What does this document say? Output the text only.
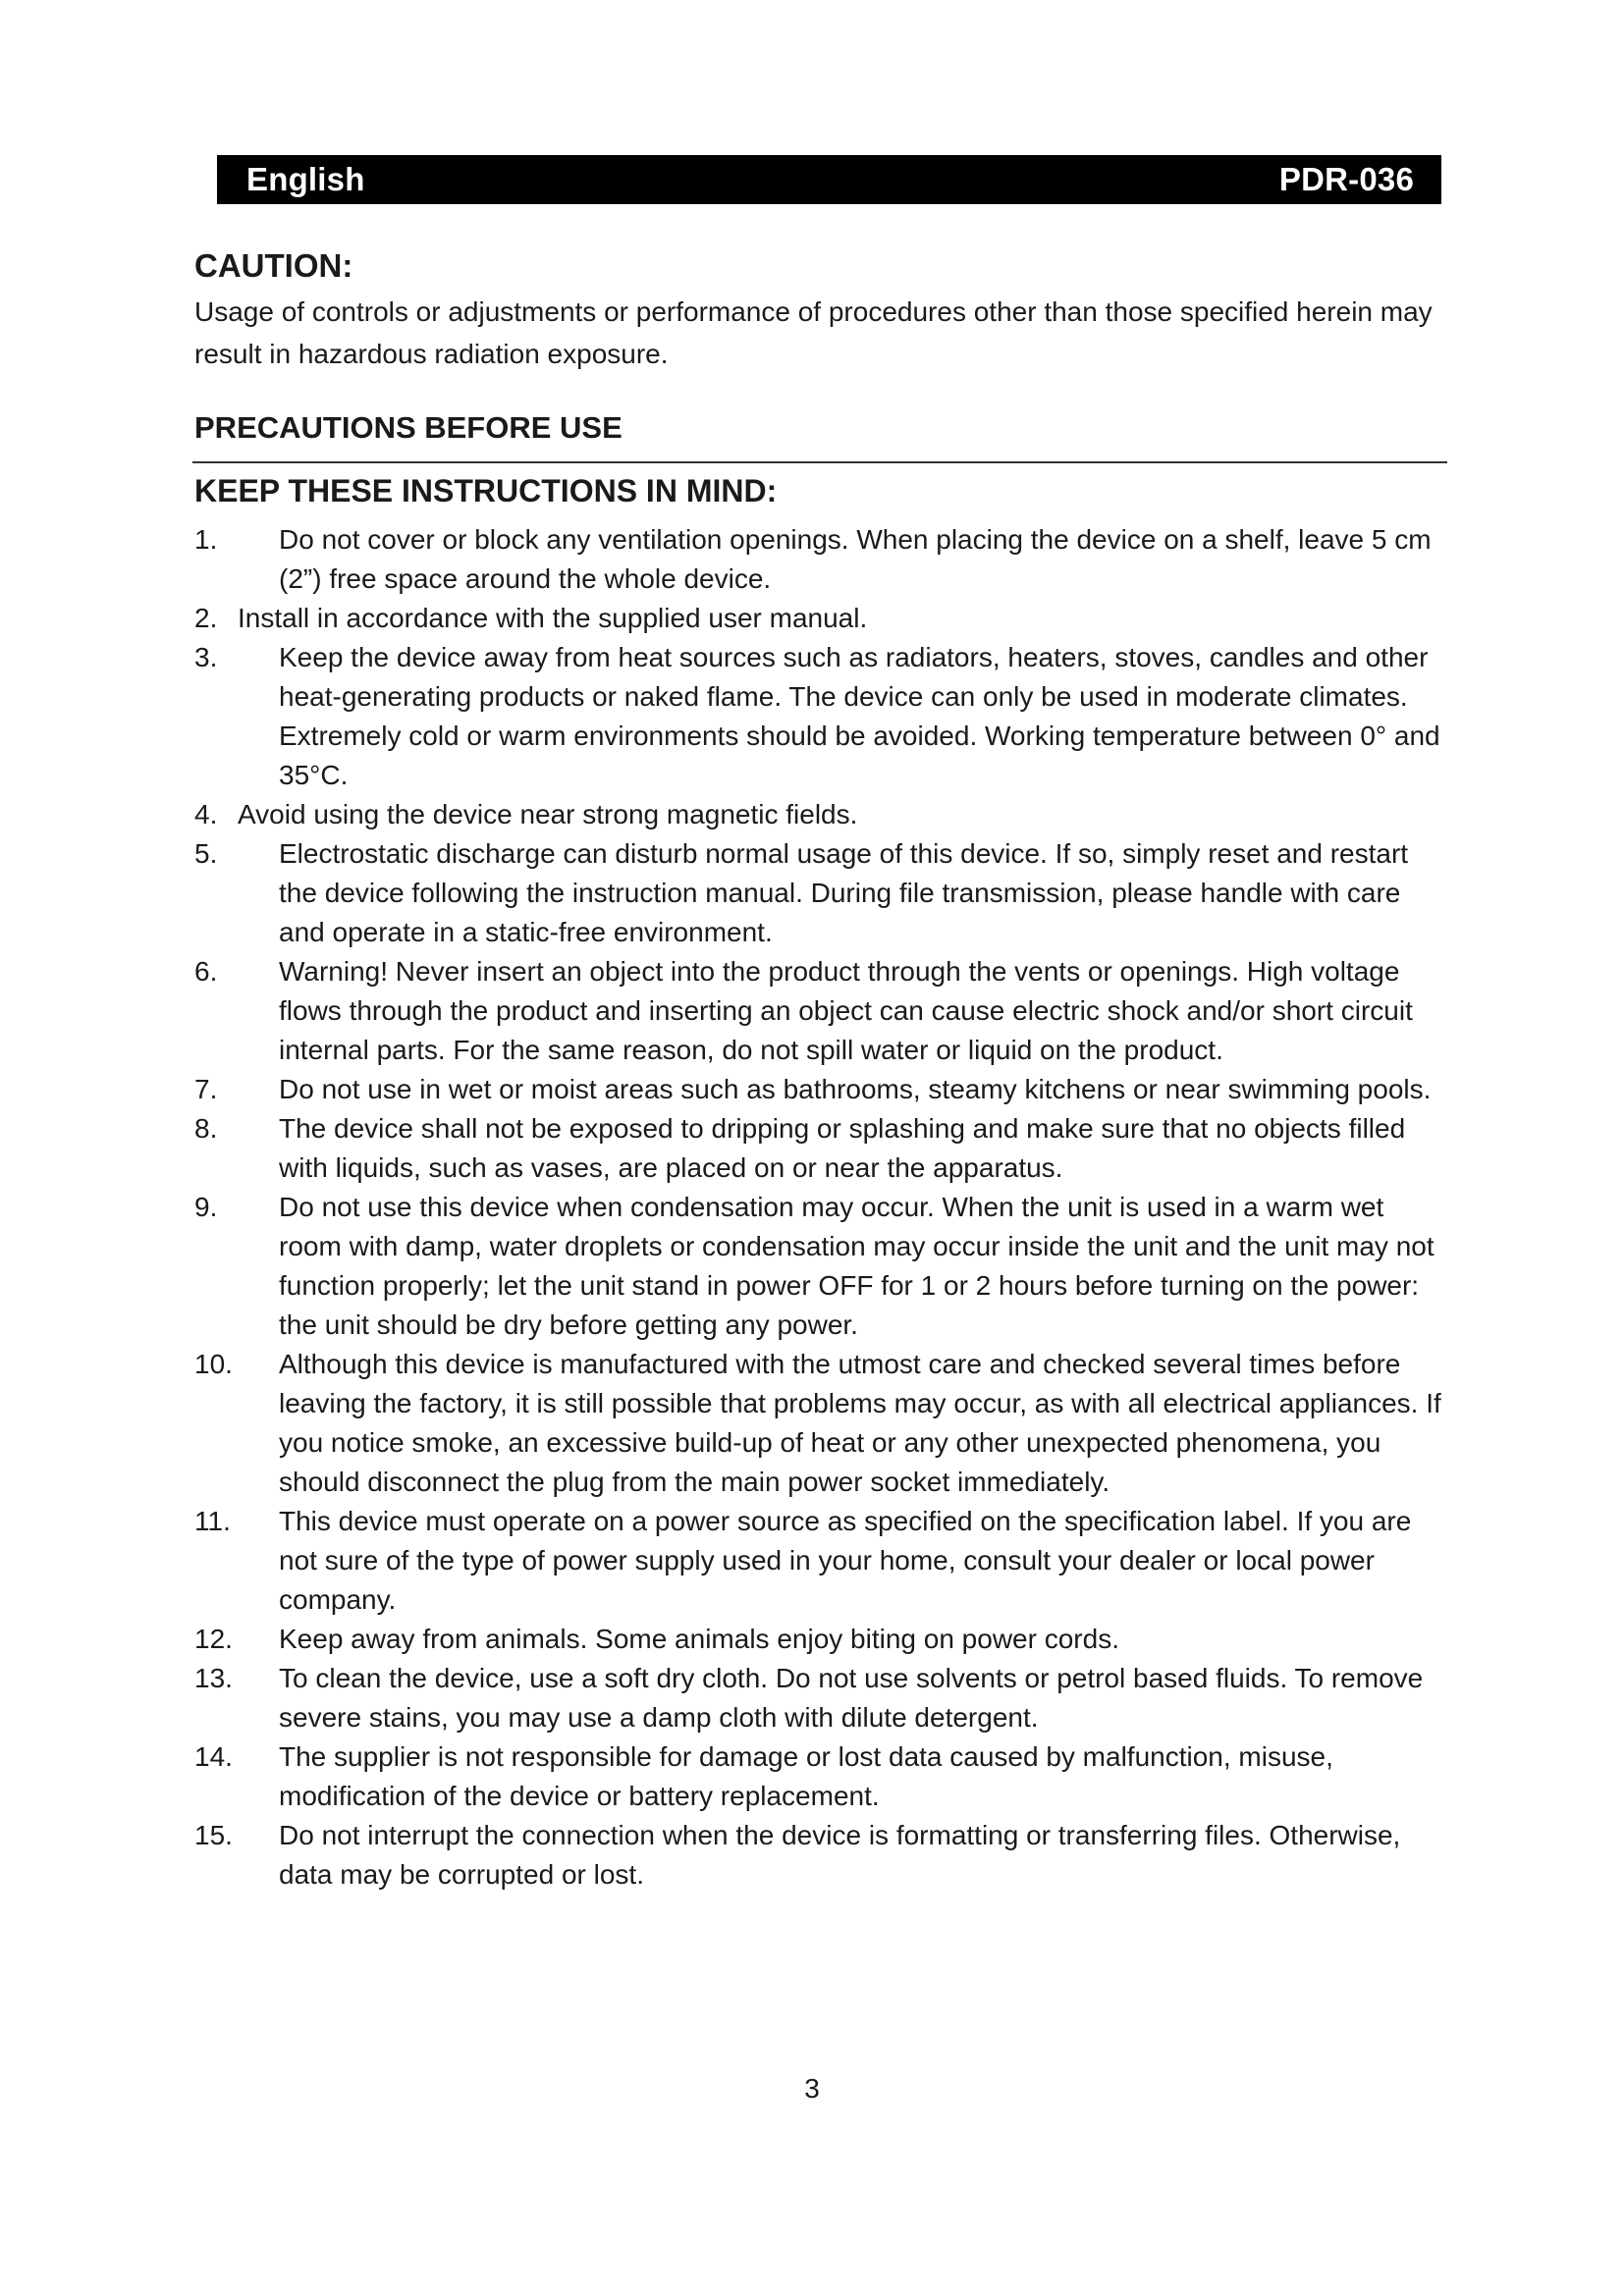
English	PDR-036
CAUTION:

Usage of controls or adjustments or performance of procedures other than those specified herein may result in hazardous radiation exposure.

PRECAUTIONS BEFORE USE
KEEP THESE INSTRUCTIONS IN MIND:
1. Do not cover or block any ventilation openings. When placing the device on a shelf, leave 5 cm (2”) free space around the whole device.
2. Install in accordance with the supplied user manual.
3. Keep the device away from heat sources such as radiators, heaters, stoves, candles and other heat-generating products or naked flame. The device can only be used in moderate climates. Extremely cold or warm environments should be avoided. Working temperature between 0° and 35°C.
4. Avoid using the device near strong magnetic fields.
5. Electrostatic discharge can disturb normal usage of this device. If so, simply reset and restart the device following the instruction manual. During file transmission, please handle with care and operate in a static-free environment.
6. Warning! Never insert an object into the product through the vents or openings. High voltage flows through the product and inserting an object can cause electric shock and/or short circuit internal parts. For the same reason, do not spill water or liquid on the product.
7. Do not use in wet or moist areas such as bathrooms, steamy kitchens or near swimming pools.
8. The device shall not be exposed to dripping or splashing and make sure that no objects filled with liquids, such as vases, are placed on or near the apparatus.
9. Do not use this device when condensation may occur. When the unit is used in a warm wet room with damp, water droplets or condensation may occur inside the unit and the unit may not function properly; let the unit stand in power OFF for 1 or 2 hours before turning on the power: the unit should be dry before getting any power.
10. Although this device is manufactured with the utmost care and checked several times before leaving the factory, it is still possible that problems may occur, as with all electrical appliances. If you notice smoke, an excessive build-up of heat or any other unexpected phenomena, you should disconnect the plug from the main power socket immediately.
11. This device must operate on a power source as specified on the specification label. If you are not sure of the type of power supply used in your home, consult your dealer or local power company.
12. Keep away from animals. Some animals enjoy biting on power cords.
13. To clean the device, use a soft dry cloth. Do not use solvents or petrol based fluids. To remove severe stains, you may use a damp cloth with dilute detergent.
14. The supplier is not responsible for damage or lost data caused by malfunction, misuse, modification of the device or battery replacement.
15. Do not interrupt the connection when the device is formatting or transferring files. Otherwise, data may be corrupted or lost.
3
